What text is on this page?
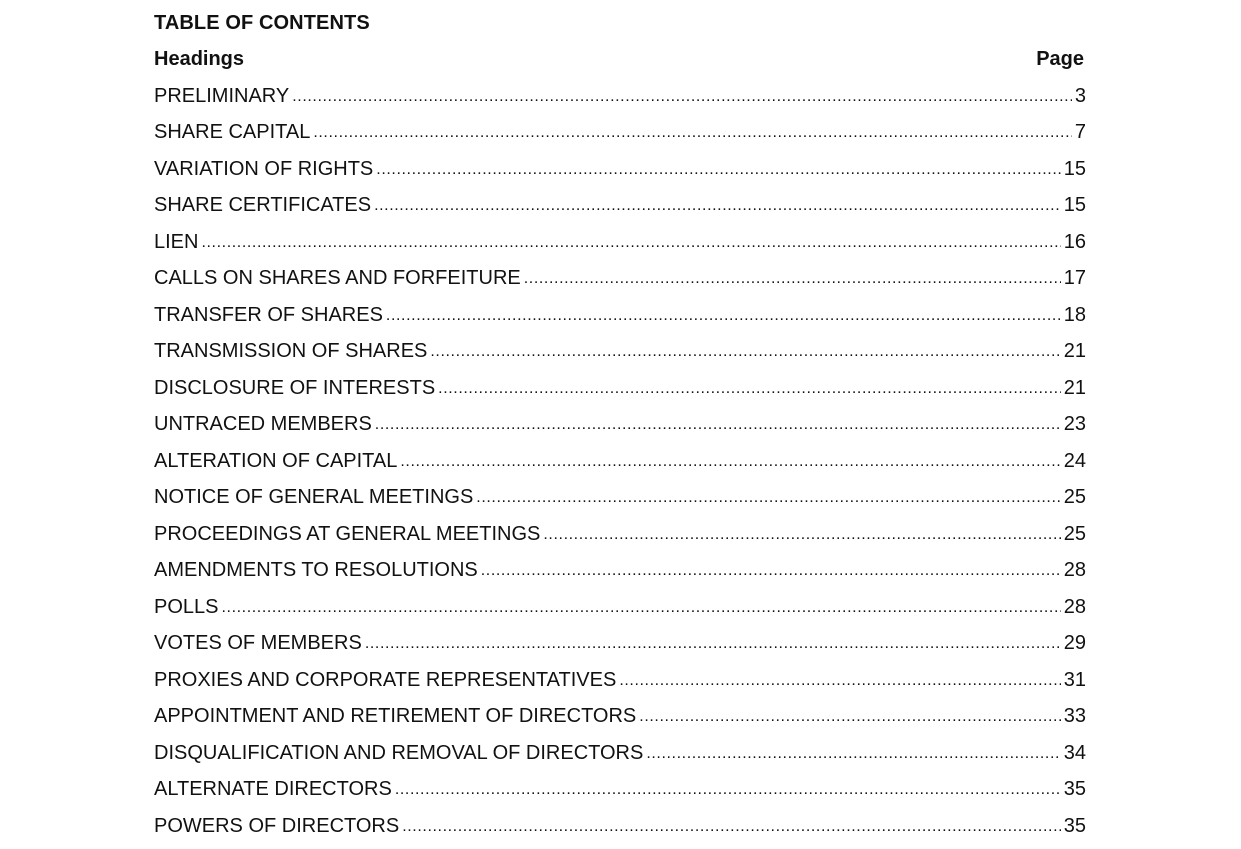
TABLE OF CONTENTS
Headings	Page
PRELIMINARY .....	3
SHARE CAPITAL .....	7
VARIATION OF RIGHTS .....	15
SHARE CERTIFICATES .....	15
LIEN .....	16
CALLS ON SHARES AND FORFEITURE .....	17
TRANSFER OF SHARES .....	18
TRANSMISSION OF SHARES .....	21
DISCLOSURE OF INTERESTS .....	21
UNTRACED MEMBERS .....	23
ALTERATION OF CAPITAL .....	24
NOTICE OF GENERAL MEETINGS .....	25
PROCEEDINGS AT GENERAL MEETINGS .....	25
AMENDMENTS TO RESOLUTIONS .....	28
POLLS .....	28
VOTES OF MEMBERS .....	29
PROXIES AND CORPORATE REPRESENTATIVES .....	31
APPOINTMENT AND RETIREMENT OF DIRECTORS .....	33
DISQUALIFICATION AND REMOVAL OF DIRECTORS .....	34
ALTERNATE DIRECTORS .....	35
POWERS OF DIRECTORS .....	35
